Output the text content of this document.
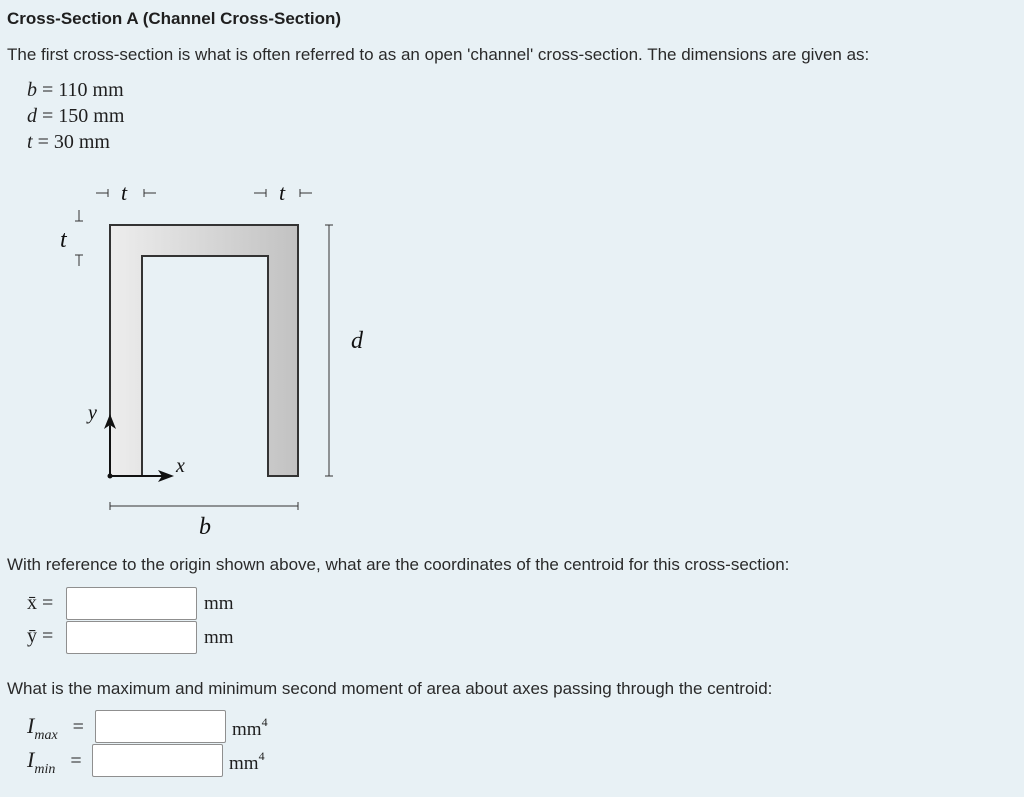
Cross-Section A (Channel Cross-Section)

The first cross-section is what is often referred to as an open 'channel' cross-section. The dimensions are given as:

b = 110 mm
d = 150 mm
t = 30 mm
t	t
t
d
b
y
x

With reference to the origin shown above, what are the coordinates of the centroid for this cross-section:

x̄ =	mm
ȳ =	mm

What is the maximum and minimum second moment of area about axes passing through the centroid:

$I_{max}$ =	$mm^4$
$I_{min}$ =	$mm^4$
